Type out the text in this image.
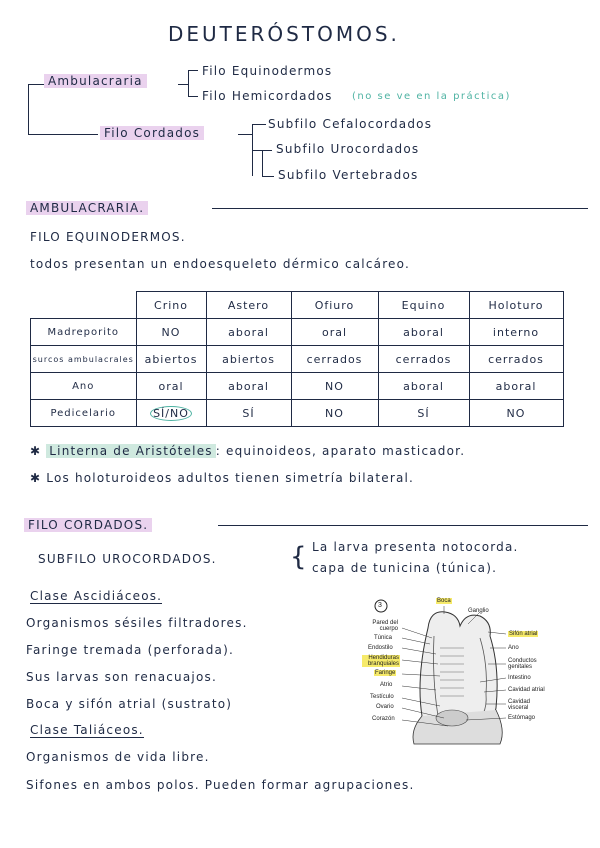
DEUTERÓSTOMOS.
Ambulacraria
Filo Equinodermos
Filo Hemicordados (no se ve en la práctica)
Filo Cordados
Subfilo Cefalocordados
Subfilo Urocordados
Subfilo Vertebrados
AMBULACRARIA.
FILO EQUINODERMOS.
todos presentan un endoesqueleto dérmico calcáreo.
	Crino	Astero	Ofiuro	Equino	Holoturo
Madreporito	NO	aboral	oral	aboral	interno
surcos ambulacrales	abiertos	abiertos	cerrados	cerrados	cerrados
Ano	oral	aboral	NO	aboral	aboral
Pedicelario	SÍ/NO	SÍ	NO	SÍ	NO
✱ Linterna de Aristóteles : equinoideos, aparato masticador.
✱ Los holoturoideos adultos tienen simetría bilateral.
FILO CORDADOS.
SUBFILO UROCORDADOS.	{ La larva presenta notocorda.
capa de tunicina (túnica).
Clase Ascidiáceos.
Organismos sésiles filtradores.
Faringe tremada (perforada).
Sus larvas son renacuajos.
Boca y sifón atrial (sustrato)
Clase Taliáceos.
Organismos de vida libre.
Sifones en ambos polos. Pueden formar agrupaciones.
3
Boca
Ganglio
Pared del cuerpo
Túnica
Endostilo
Hendiduras branquiales
Faringe
Atrio
Testículo
Ovario
Corazón
Sifón atrial
Ano
Conductos genitales
Intestino
Cavidad atrial
Cavidad visceral
Estómago
